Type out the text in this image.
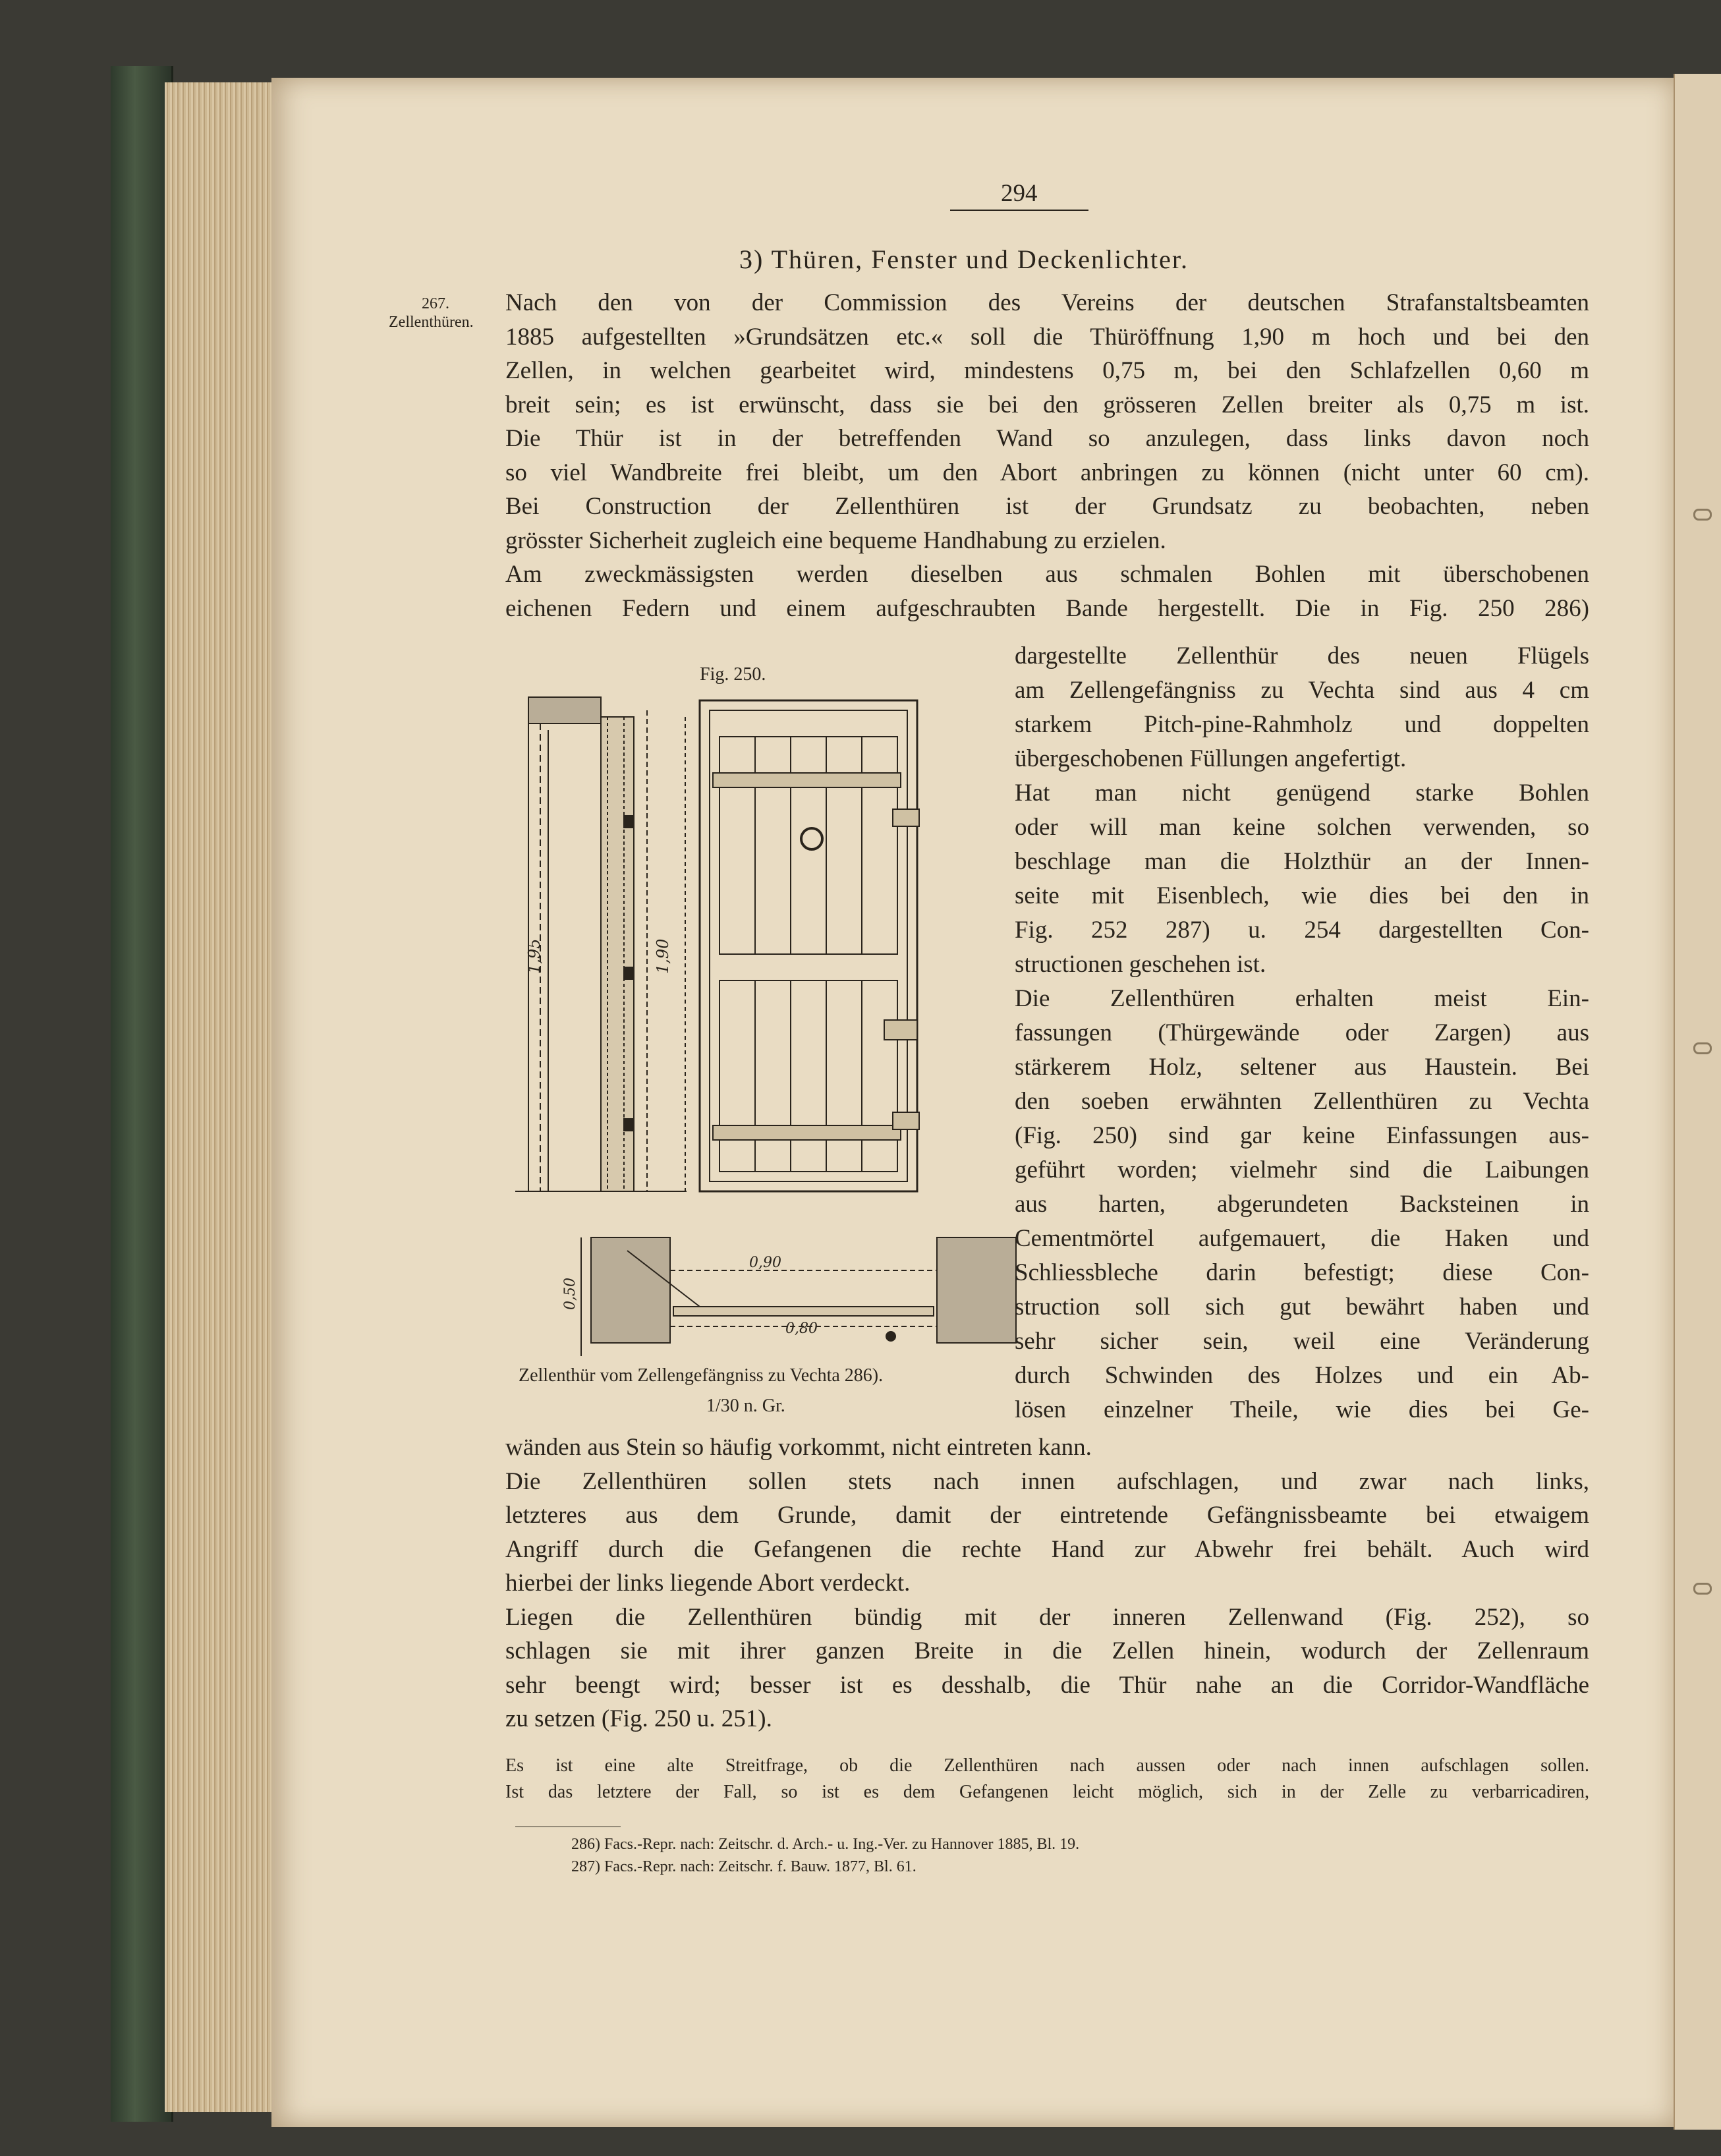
294
3) Thüren, Fenster und Deckenlichter.
267.
Zellenthüren.
Nach den von der Commission des Vereins der deutschen Strafanstaltsbeamten
1885 aufgestellten »Grundsätzen etc.« soll die Thüröffnung 1,90 m hoch und bei den
Zellen, in welchen gearbeitet wird, mindestens 0,75 m, bei den Schlafzellen 0,60 m
breit sein; es ist erwünscht, dass sie bei den grösseren Zellen breiter als 0,75 m ist.
Die Thür ist in der betreffenden Wand so anzulegen, dass links davon noch
so viel Wandbreite frei bleibt, um den Abort anbringen zu können (nicht unter 60 cm).
Bei Construction der Zellenthüren ist der Grundsatz zu beobachten, neben
grösster Sicherheit zugleich eine bequeme Handhabung zu erzielen.
Am zweckmässigsten werden dieselben aus schmalen Bohlen mit überschobenen
eichenen Federn und einem aufgeschraubten Bande hergestellt. Die in Fig. 250 286)
Fig. 250.
1,95	1,90
0,90
0,80
0,50
Zellenthür vom Zellengefängniss zu Vechta 286).
1/30 n. Gr.
dargestellte Zellenthür des neuen Flügels
am Zellengefängniss zu Vechta sind aus 4 cm
starkem Pitch-pine-Rahmholz und doppelten
übergeschobenen Füllungen angefertigt.
Hat man nicht genügend starke Bohlen
oder will man keine solchen verwenden, so
beschlage man die Holzthür an der Innen-
seite mit Eisenblech, wie dies bei den in
Fig. 252 287) u. 254 dargestellten Con-
structionen geschehen ist.
Die Zellenthüren erhalten meist Ein-
fassungen (Thürgewände oder Zargen) aus
stärkerem Holz, seltener aus Haustein. Bei
den soeben erwähnten Zellenthüren zu Vechta
(Fig. 250) sind gar keine Einfassungen aus-
geführt worden; vielmehr sind die Laibungen
aus harten, abgerundeten Backsteinen in
Cementmörtel aufgemauert, die Haken und
Schliessbleche darin befestigt; diese Con-
struction soll sich gut bewährt haben und
sehr sicher sein, weil eine Veränderung
durch Schwinden des Holzes und ein Ab-
lösen einzelner Theile, wie dies bei Ge-
wänden aus Stein so häufig vorkommt, nicht eintreten kann.
Die Zellenthüren sollen stets nach innen aufschlagen, und zwar nach links,
letzteres aus dem Grunde, damit der eintretende Gefängnissbeamte bei etwaigem
Angriff durch die Gefangenen die rechte Hand zur Abwehr frei behält. Auch wird
hierbei der links liegende Abort verdeckt.
Liegen die Zellenthüren bündig mit der inneren Zellenwand (Fig. 252), so
schlagen sie mit ihrer ganzen Breite in die Zellen hinein, wodurch der Zellenraum
sehr beengt wird; besser ist es desshalb, die Thür nahe an die Corridor-Wandfläche
zu setzen (Fig. 250 u. 251).
Es ist eine alte Streitfrage, ob die Zellenthüren nach aussen oder nach innen aufschlagen sollen.
Ist das letztere der Fall, so ist es dem Gefangenen leicht möglich, sich in der Zelle zu verbarricadiren,
286) Facs.-Repr. nach: Zeitschr. d. Arch.- u. Ing.-Ver. zu Hannover 1885, Bl. 19.
287) Facs.-Repr. nach: Zeitschr. f. Bauw. 1877, Bl. 61.
